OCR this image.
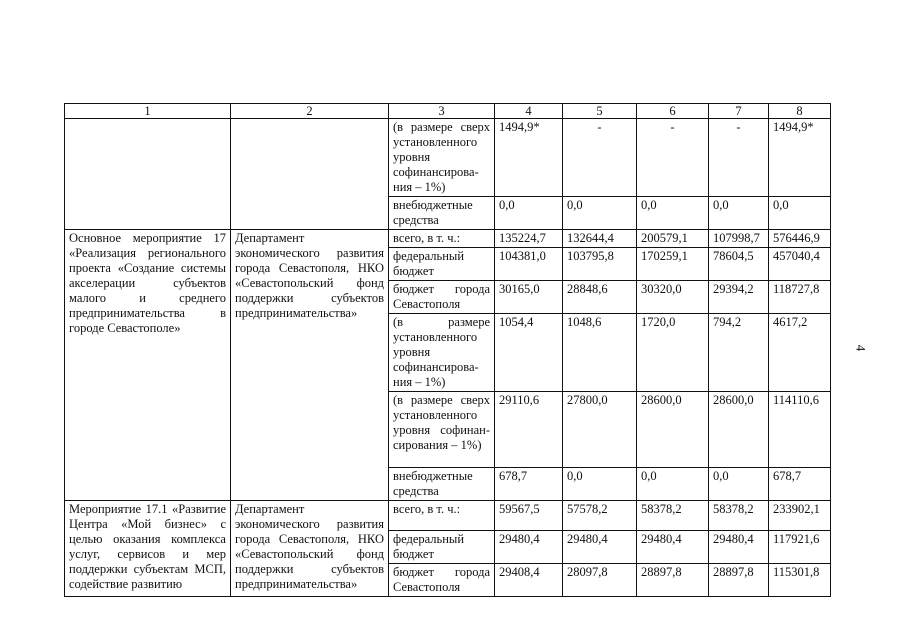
4
1	2	3	4	5	6	7	8
		(в размере сверх установленного уровня софинансирова-ния – 1%)	1494,9*	-	-	-	1494,9*
		внебюджетные средства	0,0	0,0	0,0	0,0	0,0
Основное мероприятие 17 «Реализация регионального проекта «Создание системы акселерации субъектов малого и среднего предпринимательства в городе Севастополе»	Департамент экономического развития города Севастополя, НКО «Севастопольский фонд поддержки субъектов предпринимательства»	всего, в т. ч.:	135224,7	132644,4	200579,1	107998,7	576446,9
		федеральный бюджет	104381,0	103795,8	170259,1	78604,5	457040,4
		бюджет города Севастополя	30165,0	28848,6	30320,0	29394,2	118727,8
		(в размере установленного уровня софинансирова-ния – 1%)	1054,4	1048,6	1720,0	794,2	4617,2
		(в размере сверх установленного уровня софинан-сирования – 1%)	29110,6	27800,0	28600,0	28600,0	114110,6
		внебюджетные средства	678,7	0,0	0,0	0,0	678,7
Мероприятие 17.1 «Развитие Центра «Мой бизнес» с целью оказания комплекса услуг, сервисов и мер поддержки субъектам МСП, содействие развитию	Департамент экономического развития города Севастополя, НКО «Севастопольский фонд поддержки субъектов предпринимательства»	всего, в т. ч.:	59567,5	57578,2	58378,2	58378,2	233902,1
		федеральный бюджет	29480,4	29480,4	29480,4	29480,4	117921,6
		бюджет города Севастополя	29408,4	28097,8	28897,8	28897,8	115301,8
